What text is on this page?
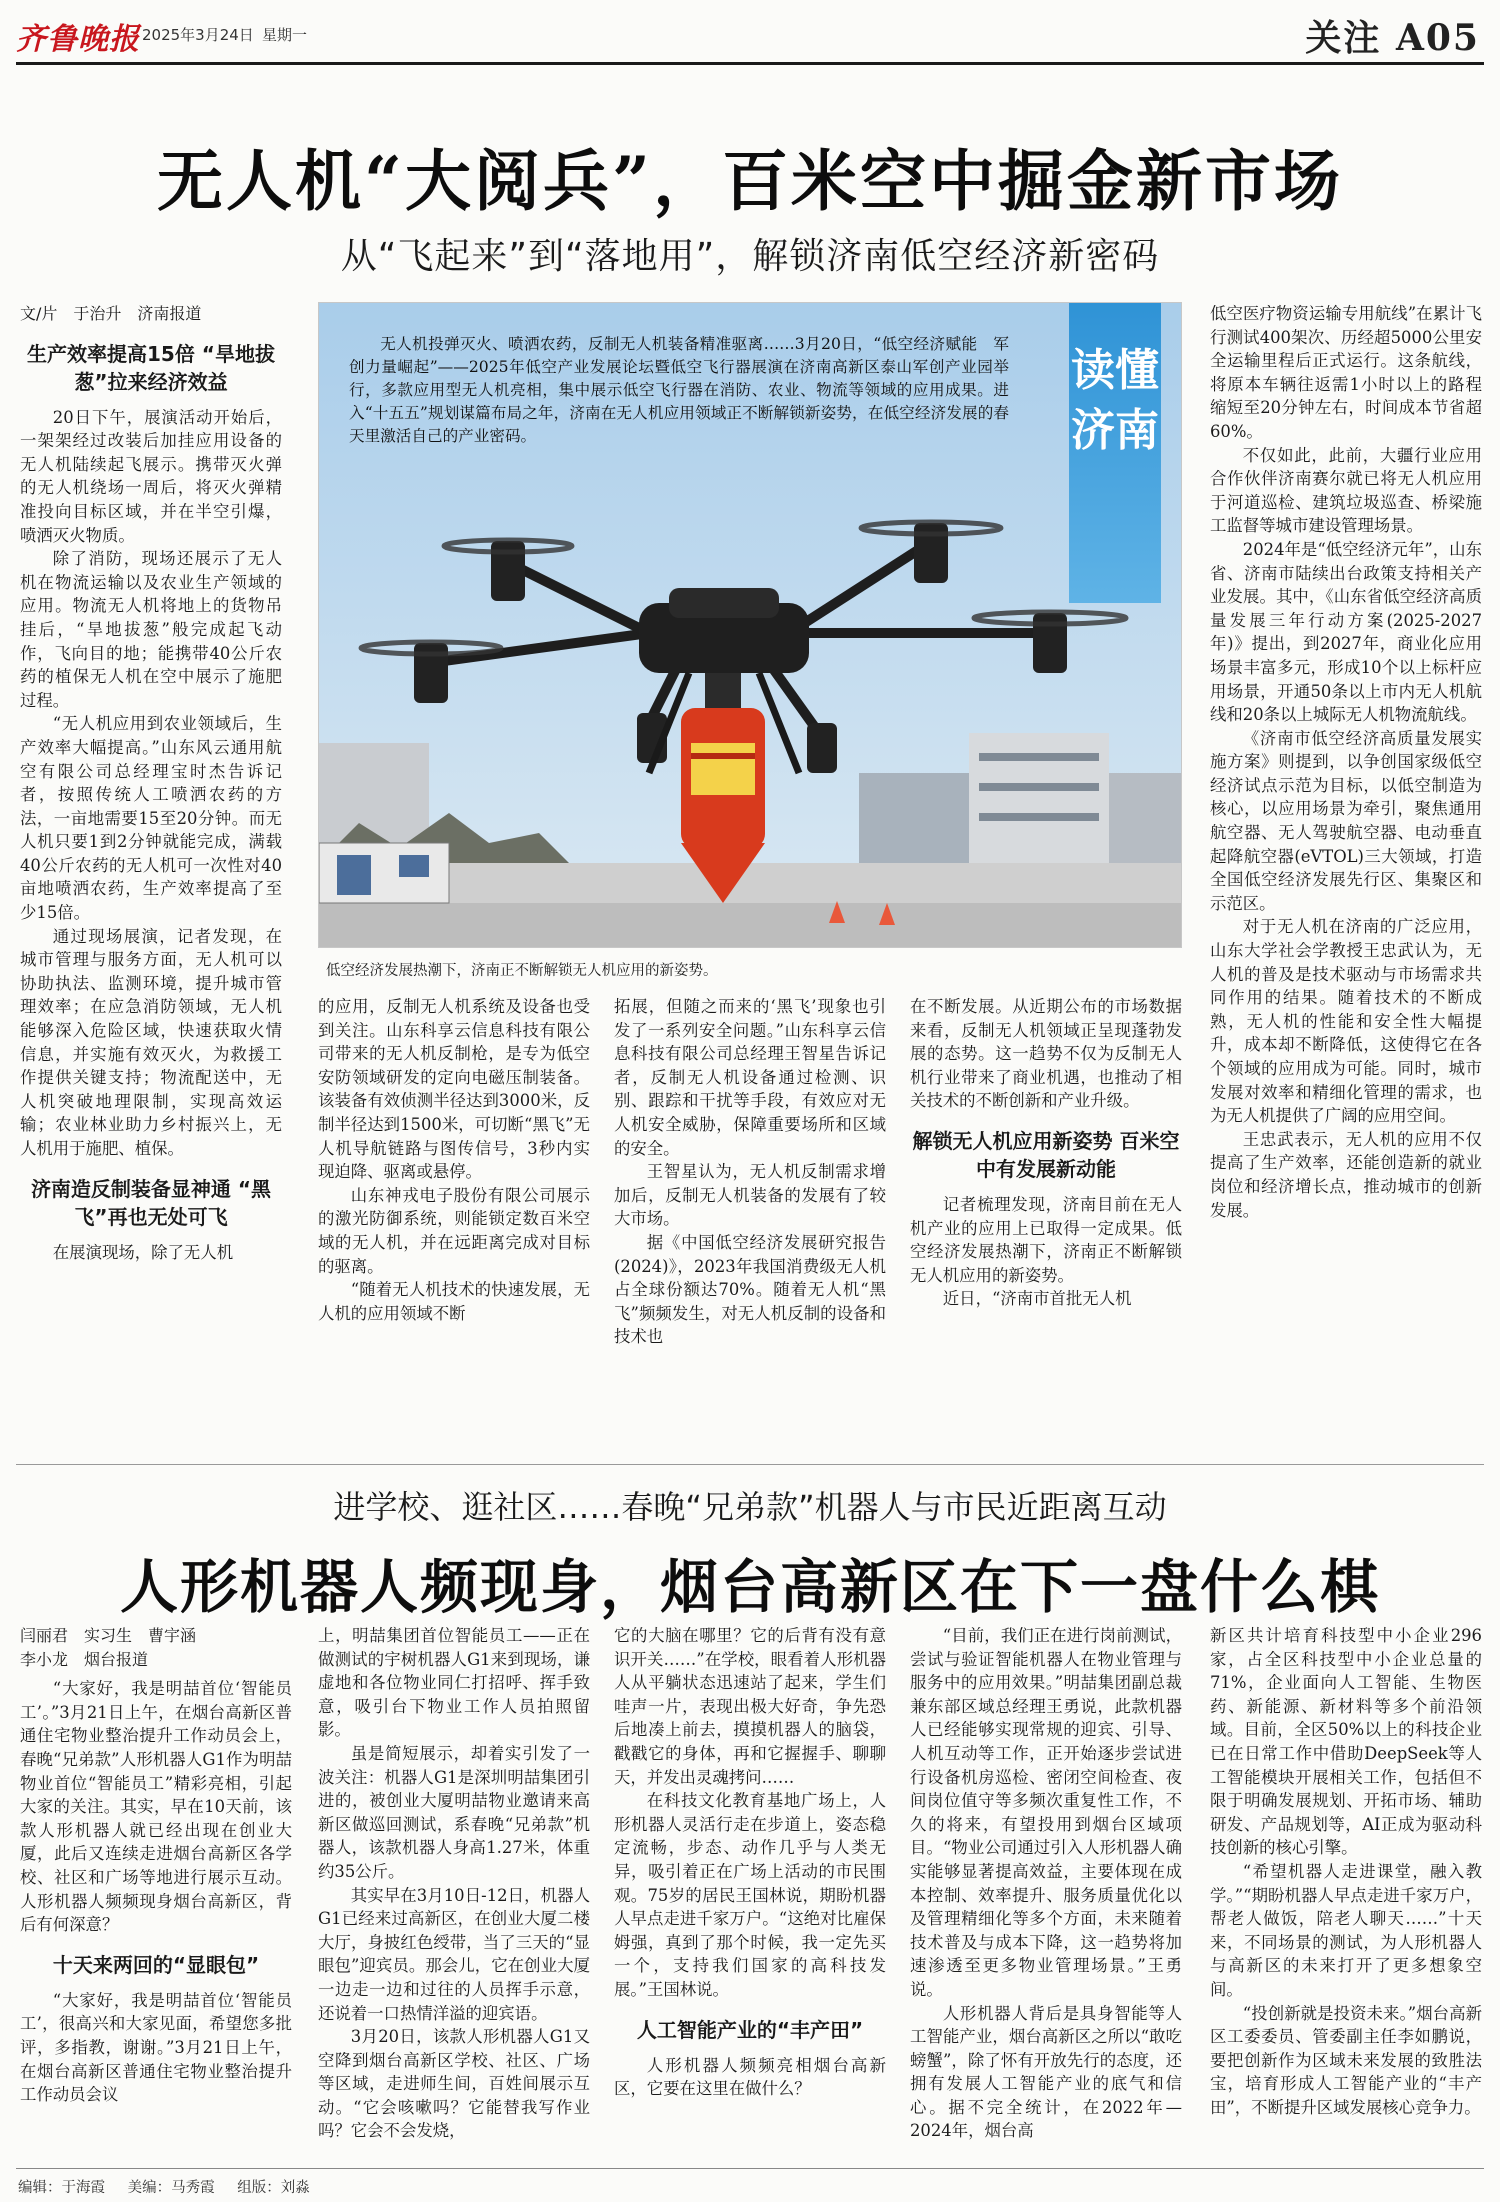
齐鲁晚报 2025年3月24日 星期一	关注 A05
无人机“大阅兵”，百米空中掘金新市场
从“飞起来”到“落地用”，解锁济南低空经济新密码

文/片　于治升　济南报道

生产效率提高15倍 “旱地拔葱”拉来经济效益

20日下午，展演活动开始后，一架架经过改装后加挂应用设备的无人机陆续起飞展示。携带灭火弹的无人机绕场一周后，将灭火弹精准投向目标区域，并在半空引爆，喷洒灭火物质。

除了消防，现场还展示了无人机在物流运输以及农业生产领域的应用。物流无人机将地上的货物吊挂后，“旱地拔葱”般完成起飞动作，飞向目的地；能携带40公斤农药的植保无人机在空中展示了施肥过程。

“无人机应用到农业领域后，生产效率大幅提高。”山东风云通用航空有限公司总经理宝时杰告诉记者，按照传统人工喷洒农药的方法，一亩地需要15至20分钟。而无人机只要1到2分钟就能完成，满载40公斤农药的无人机可一次性对40亩地喷洒农药，生产效率提高了至少15倍。

通过现场展演，记者发现，在城市管理与服务方面，无人机可以协助执法、监测环境，提升城市管理效率；在应急消防领域，无人机能够深入危险区域，快速获取火情信息，并实施有效灭火，为救援工作提供关键支持；物流配送中，无人机突破地理限制，实现高效运输；农业林业助力乡村振兴上，无人机用于施肥、植保。

济南造反制装备显神通 “黑飞”再也无处可飞

在展演现场，除了无人机

无人机投弹灭火、喷洒农药，反制无人机装备精准驱离……3月20日，“低空经济赋能　军创力量崛起”——2025年低空产业发展论坛暨低空飞行器展演在济南高新区泰山军创产业园举行，多款应用型无人机亮相，集中展示低空飞行器在消防、农业、物流等领域的应用成果。进入“十五五”规划谋篇布局之年，济南在无人机应用领域正不断解锁新姿势，在低空经济发展的春天里激活自己的产业密码。

读懂济南
低空经济发展热潮下，济南正不断解锁无人机应用的新姿势。

的应用，反制无人机系统及设备也受到关注。山东科享云信息科技有限公司带来的无人机反制枪，是专为低空安防领域研发的定向电磁压制装备。该装备有效侦测半径达到3000米，反制半径达到1500米，可切断“黑飞”无人机导航链路与图传信号，3秒内实现迫降、驱离或悬停。

山东神戎电子股份有限公司展示的激光防御系统，则能锁定数百米空域的无人机，并在远距离完成对目标的驱离。

“随着无人机技术的快速发展，无人机的应用领域不断

拓展，但随之而来的‘黑飞’现象也引发了一系列安全问题。”山东科享云信息科技有限公司总经理王智星告诉记者，反制无人机设备通过检测、识别、跟踪和干扰等手段，有效应对无人机安全威胁，保障重要场所和区域的安全。

王智星认为，无人机反制需求增加后，反制无人机装备的发展有了较大市场。

据《中国低空经济发展研究报告(2024)》，2023年我国消费级无人机占全球份额达70%。随着无人机“黑飞”频频发生，对无人机反制的设备和技术也

在不断发展。从近期公布的市场数据来看，反制无人机领域正呈现蓬勃发展的态势。这一趋势不仅为反制无人机行业带来了商业机遇，也推动了相关技术的不断创新和产业升级。

解锁无人机应用新姿势 百米空中有发展新动能

记者梳理发现，济南目前在无人机产业的应用上已取得一定成果。低空经济发展热潮下，济南正不断解锁无人机应用的新姿势。

近日，“济南市首批无人机

低空医疗物资运输专用航线”在累计飞行测试400架次、历经超5000公里安全运输里程后正式运行。这条航线，将原本车辆往返需1小时以上的路程缩短至20分钟左右，时间成本节省超60%。

不仅如此，此前，大疆行业应用合作伙伴济南赛尔就已将无人机应用于河道巡检、建筑垃圾巡查、桥梁施工监督等城市建设管理场景。

2024年是“低空经济元年”，山东省、济南市陆续出台政策支持相关产业发展。其中，《山东省低空经济高质量发展三年行动方案(2025-2027年)》提出，到2027年，商业化应用场景丰富多元，形成10个以上标杆应用场景，开通50条以上市内无人机航线和20条以上城际无人机物流航线。

《济南市低空经济高质量发展实施方案》则提到，以争创国家级低空经济试点示范为目标，以低空制造为核心，以应用场景为牵引，聚焦通用航空器、无人驾驶航空器、电动垂直起降航空器(eVTOL)三大领域，打造全国低空经济发展先行区、集聚区和示范区。

对于无人机在济南的广泛应用，山东大学社会学教授王忠武认为，无人机的普及是技术驱动与市场需求共同作用的结果。随着技术的不断成熟，无人机的性能和安全性大幅提升，成本却不断降低，这使得它在各个领域的应用成为可能。同时，城市发展对效率和精细化管理的需求，也为无人机提供了广阔的应用空间。

王忠武表示，无人机的应用不仅提高了生产效率，还能创造新的就业岗位和经济增长点，推动城市的创新发展。

进学校、逛社区……春晚“兄弟款”机器人与市民近距离互动
人形机器人频现身，烟台高新区在下一盘什么棋

闫丽君　实习生　曹宇涵

李小龙　烟台报道

“大家好，我是明喆首位‘智能员工’。”3月21日上午，在烟台高新区普通住宅物业整治提升工作动员会上，春晚“兄弟款”人形机器人G1作为明喆物业首位“智能员工”精彩亮相，引起大家的关注。其实，早在10天前，该款人形机器人就已经出现在创业大厦，此后又连续走进烟台高新区各学校、社区和广场等地进行展示互动。人形机器人频频现身烟台高新区，背后有何深意？

十天来两回的“显眼包”

“大家好，我是明喆首位‘智能员工’，很高兴和大家见面，希望您多批评，多指教，谢谢。”3月21日上午，在烟台高新区普通住宅物业整治提升工作动员会议

上，明喆集团首位智能员工——正在做测试的宇树机器人G1来到现场，谦虚地和各位物业同仁打招呼、挥手致意，吸引台下物业工作人员拍照留影。

虽是简短展示，却着实引发了一波关注：机器人G1是深圳明喆集团引进的，被创业大厦明喆物业邀请来高新区做巡回测试，系春晚“兄弟款”机器人，该款机器人身高1.27米，体重约35公斤。

其实早在3月10日-12日，机器人G1已经来过高新区，在创业大厦二楼大厅，身披红色绶带，当了三天的“显眼包”迎宾员。那会儿，它在创业大厦一边走一边和过往的人员挥手示意，还说着一口热情洋溢的迎宾语。

3月20日，该款人形机器人G1又空降到烟台高新区学校、社区、广场等区域，走进师生间，百姓间展示互动。“它会咳嗽吗？它能替我写作业吗？它会不会发烧，

它的大脑在哪里？它的后背有没有意识开关……”在学校，眼看着人形机器人从平躺状态迅速站了起来，学生们哇声一片，表现出极大好奇，争先恐后地凑上前去，摸摸机器人的脑袋，戳戳它的身体，再和它握握手、聊聊天，并发出灵魂拷问……

在科技文化教育基地广场上，人形机器人灵活行走在步道上，姿态稳定流畅，步态、动作几乎与人类无异，吸引着正在广场上活动的市民围观。75岁的居民王国林说，期盼机器人早点走进千家万户。“这绝对比雇保姆强，真到了那个时候，我一定先买一个，支持我们国家的高科技发展。”王国林说。

人工智能产业的“丰产田”

人形机器人频频亮相烟台高新区，它要在这里在做什么？

“目前，我们正在进行岗前测试，尝试与验证智能机器人在物业管理与服务中的应用效果。”明喆集团副总裁兼东部区域总经理王勇说，此款机器人已经能够实现常规的迎宾、引导、人机互动等工作，正开始逐步尝试进行设备机房巡检、密闭空间检查、夜间岗位值守等多频次重复性工作，不久的将来，有望投用到烟台区域项目。“物业公司通过引入人形机器人确实能够显著提高效益，主要体现在成本控制、效率提升、服务质量优化以及管理精细化等多个方面，未来随着技术普及与成本下降，这一趋势将加速渗透至更多物业管理场景。”王勇说。

人形机器人背后是具身智能等人工智能产业，烟台高新区之所以“敢吃螃蟹”，除了怀有开放先行的态度，还拥有发展人工智能产业的底气和信心。据不完全统计，在2022年—2024年，烟台高

新区共计培育科技型中小企业296家，占全区科技型中小企业总量的71%，企业面向人工智能、生物医药、新能源、新材料等多个前沿领域。目前，全区50%以上的科技企业已在日常工作中借助DeepSeek等人工智能模块开展相关工作，包括但不限于明确发展规划、开拓市场、辅助研发、产品规划等，AI正成为驱动科技创新的核心引擎。

“希望机器人走进课堂，融入教学。”“期盼机器人早点走进千家万户，帮老人做饭，陪老人聊天……”十天来，不同场景的测试，为人形机器人与高新区的未来打开了更多想象空间。

“投创新就是投资未来。”烟台高新区工委委员、管委副主任李如鹏说，要把创新作为区域未来发展的致胜法宝，培育形成人工智能产业的“丰产田”，不断提升区域发展核心竞争力。

编辑：于海霞 美编：马秀霞 组版：刘淼
